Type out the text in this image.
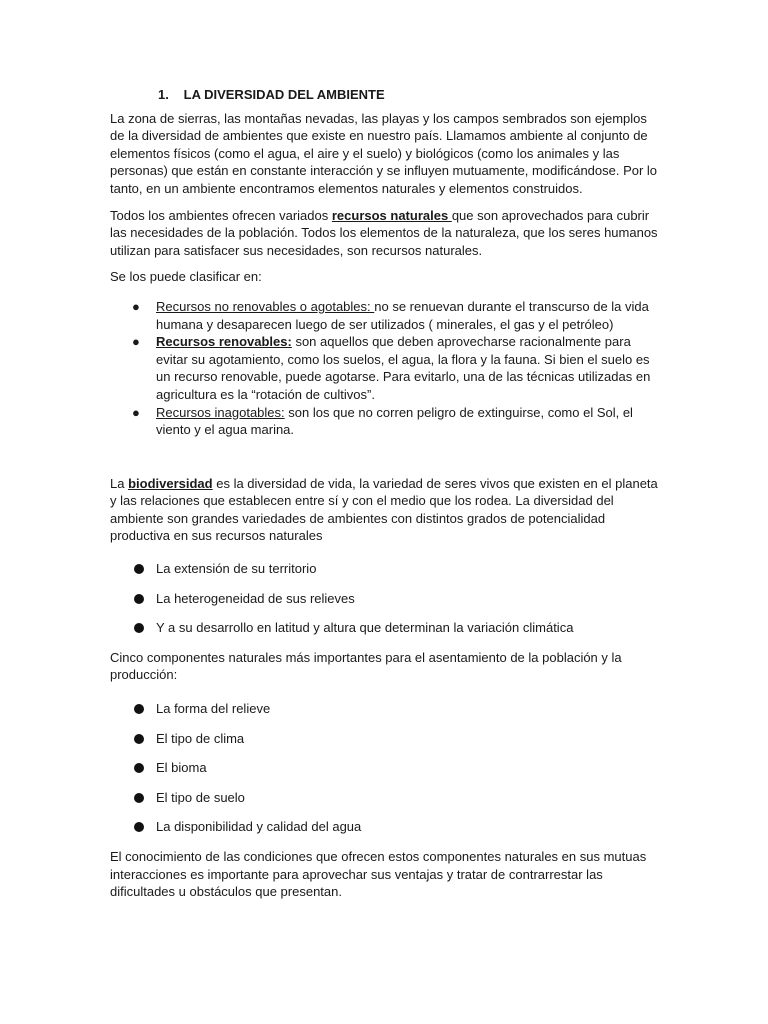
1. LA DIVERSIDAD DEL AMBIENTE

La zona de sierras, las montañas nevadas, las playas y los campos sembrados son ejemplos de la diversidad de ambientes que existe en nuestro país. Llamamos ambiente al conjunto de elementos físicos (como el agua, el aire y el suelo) y biológicos (como los animales y las personas) que están en constante interacción y se influyen mutuamente, modificándose. Por lo tanto, en un ambiente encontramos elementos naturales y elementos construidos.

Todos los ambientes ofrecen variados recursos naturales que son aprovechados para cubrir las necesidades de la población. Todos los elementos de la naturaleza, que los seres humanos utilizan para satisfacer sus necesidades, son recursos naturales.

Se los puede clasificar en:

● Recursos no renovables o agotables: no se renuevan durante el transcurso de la vida humana y desaparecen luego de ser utilizados ( minerales, el gas y el petróleo)
● Recursos renovables: son aquellos que deben aprovecharse racionalmente para evitar su agotamiento, como los suelos, el agua, la flora y la fauna. Si bien el suelo es un recurso renovable, puede agotarse. Para evitarlo, una de las técnicas utilizadas en agricultura es la “rotación de cultivos”.
● Recursos inagotables: son los que no corren peligro de extinguirse, como el Sol, el viento y el agua marina.

La biodiversidad es la diversidad de vida, la variedad de seres vivos que existen en el planeta y las relaciones que establecen entre sí y con el medio que los rodea. La diversidad del ambiente son grandes variedades de ambientes con distintos grados de potencialidad productiva en sus recursos naturales

La extensión de su territorio
La heterogeneidad de sus relieves
Y a su desarrollo en latitud y altura que determinan la variación climática

Cinco componentes naturales más importantes para el asentamiento de la población y la producción:

La forma del relieve
El tipo de clima
El bioma
El tipo de suelo
La disponibilidad y calidad del agua

El conocimiento de las condiciones que ofrecen estos componentes naturales en sus mutuas interacciones es importante para aprovechar sus ventajas y tratar de contrarrestar las dificultades u obstáculos que presentan.
